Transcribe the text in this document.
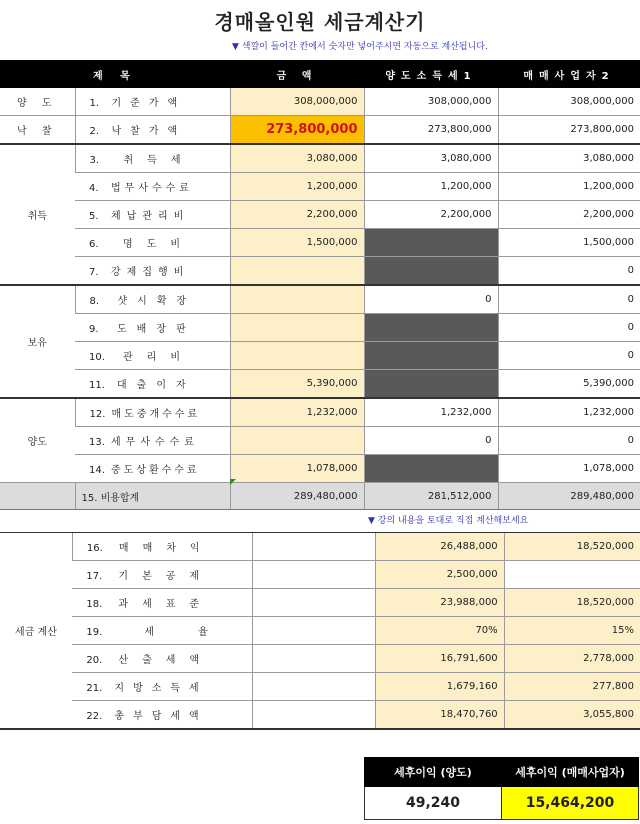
경매올인원 세금계산기
▼ 색깔이 들어간 칸에서 숫자만 넣어주시면 자동으로 계산됩니다.
	제 목	금 액	양도소득세1	매매사업자2
양 도	1. 기준가액	308,000,000	308,000,000	308,000,000
낙 찰	2. 낙찰가액	273,800,000	273,800,000	273,800,000
취득	3. 취득세	3,080,000	3,080,000	3,080,000
	4. 법무사수수료	1,200,000	1,200,000	1,200,000
	5. 체납관리비	2,200,000	2,200,000	2,200,000
	6. 명도비	1,500,000		1,500,000
	7. 강제집행비			0
보유	8. 샷시확장		0	0
	9. 도배장판			0
	10. 관리비			0
	11. 대출이자	5,390,000		5,390,000
양도	12. 매도중개수수료	1,232,000	1,232,000	1,232,000
	13. 세무사수수료		0	0
	14. 중도상환수수료	1,078,000		1,078,000
	15. 비용합계	289,480,000	281,512,000	289,480,000
▼ 강의 내용을 토대로 직접 계산해보세요
세금 계산	16. 매매차익		26,488,000	18,520,000
	17. 기본공제		2,500,000	
	18. 과세표준		23,988,000	18,520,000
	19. 세율		70%	15%
	20. 산출세액		16,791,600	2,778,000
	21. 지방소득세		1,679,160	277,800
	22. 총부담세액		18,470,760	3,055,800
세후이익 (양도)	세후이익 (매매사업자)
49,240	15,464,200
